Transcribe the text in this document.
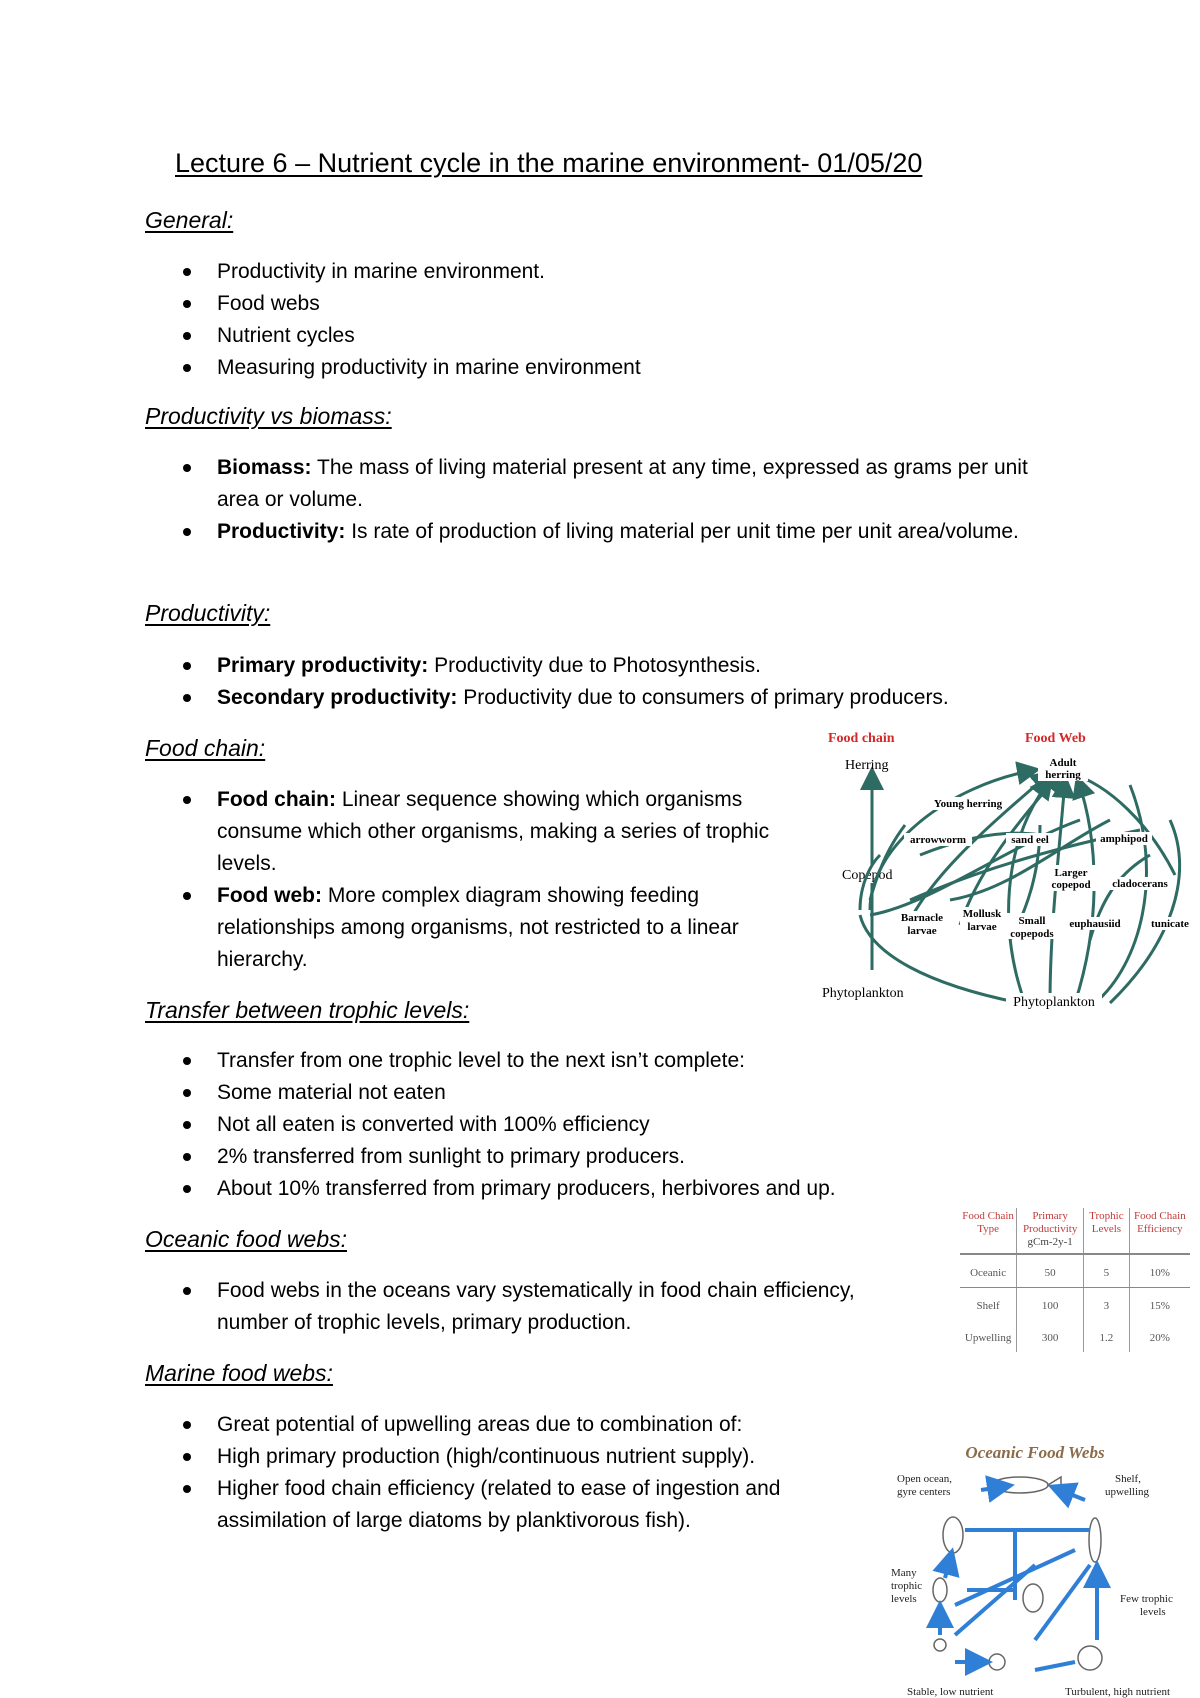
Lecture 6 – Nutrient cycle in the marine environment- 01/05/20
General:
Productivity in marine environment.
Food webs
Nutrient cycles
Measuring productivity in marine environment
Productivity vs biomass:
Biomass: The mass of living material present at any time, expressed as grams per unit area or volume.
Productivity: Is rate of production of living material per unit time per unit area/volume.
Productivity:
Primary productivity: Productivity due to Photosynthesis.
Secondary productivity: Productivity due to consumers of primary producers.
Food chain:
Food chain: Linear sequence showing which organisms consume which other organisms, making a series of trophic levels.
Food web: More complex diagram showing feeding relationships among organisms, not restricted to a linear hierarchy.
Transfer between trophic levels:
Transfer from one trophic level to the next isn’t complete:
Some material not eaten
Not all eaten is converted with 100% efficiency
2% transferred from sunlight to primary producers.
About 10% transferred from primary producers, herbivores and up.
Oceanic food webs:
Food webs in the oceans vary systematically in food chain efficiency, number of trophic levels, primary production.
Marine food webs:
Great potential of upwelling areas due to combination of:
High primary production (high/continuous nutrient supply).
Higher food chain efficiency (related to ease of ingestion and assimilation of large diatoms by planktivorous fish).
Food chain	Food Web
Herring
Copepod
Phytoplankton
Adult
herring
Young herring
arrowworm	sand eel	amphipod
Larger
copepod cladocerans
Barnacle
larvae
Mollusk
larvae Small
copepods
euphausiid	tunicate
Phytoplankton
Food Chain Type	Primary Productivity
gCm-2y-1	Trophic Levels	Food Chain Efficiency
Oceanic	50	5	10%
Shelf	100	3	15%
Upwelling	300	1.2	20%
Oceanic Food Webs
Open ocean,
gyre centers
Shelf,
upwelling
Many
trophic
levels	Few trophic
levels
Stable, low nutrient	Turbulent, high nutrient
